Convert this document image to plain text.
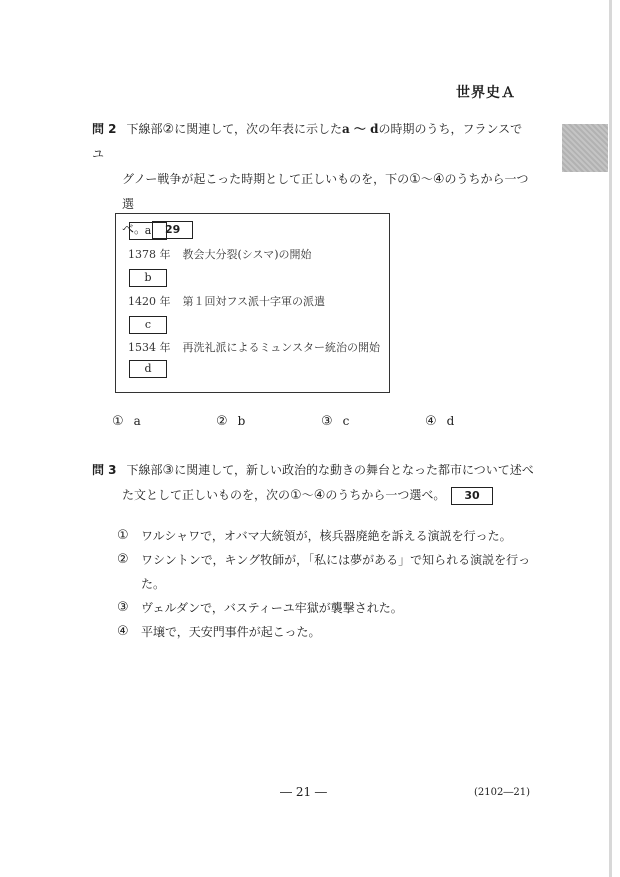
世界史Ａ
問 2 下線部②に関連して，次の年表に示したa ～ dの時期のうち，フランスでユ
グノー戦争が起こった時期として正しいものを，下の①～④のうちから一つ選
べ。 29
a
1378 年 教会大分裂(シスマ)の開始
b
1420 年 第１回対フス派十字軍の派遣
c
1534 年 再洗礼派によるミュンスター統治の開始
d
① a	② b	③ c	④ d
問 3 下線部③に関連して，新しい政治的な動きの舞台となった都市について述べ
た文として正しいものを，次の①～④のうちから一つ選べ。 30
① ワルシャワで，オバマ大統領が，核兵器廃絶を訴える演説を行った。
② ワシントンで，キング牧師が，「私には夢がある」で知られる演説を行った。
③ ヴェルダンで，バスティーユ牢獄が襲撃された。
④ 平壌で，天安門事件が起こった。
― 21 ―	(2102―21)
